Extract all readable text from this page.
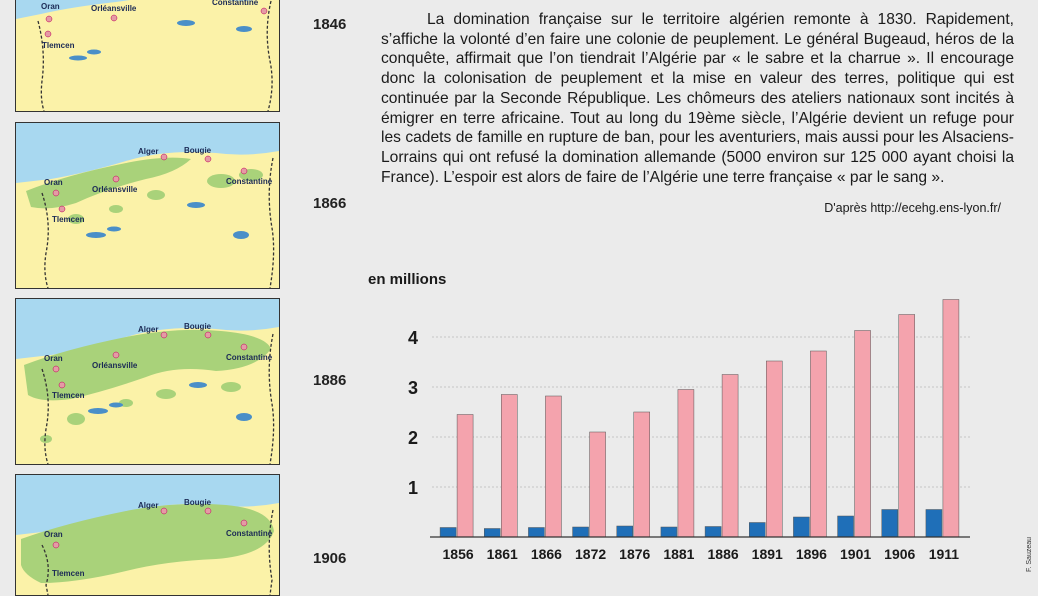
Oran	Orléansville
Tlemcen
Constantine
Alger	Bougie
Oran
Orléansville
Tlemcen
Constantine
Alger	Bougie
Oran
Orléansville
Tlemcen
Constantine
Alger	Bougie
Oran	Constantine
Tlemcen
1846
1866
1886
1906

La domination française sur le territoire algérien remonte à 1830. Rapidement, s’affiche la volonté d’en faire une colonie de peuplement. Le général Bugeaud, héros de la conquête, affirmait que l’on tiendrait l’Algérie par « le sabre et la charrue ». Il encourage donc la colonisation de peuplement et la mise en valeur des terres, politique qui est continuée par la Seconde République. Les chômeurs des ateliers nationaux sont incités à émigrer en terre africaine. Tout au long du 19ème siècle, l’Algérie devient un refuge pour les cadets de famille en rupture de ban, pour les aventuriers, mais aussi pour les Alsaciens-Lorrains qui ont refusé la domination allemande (5000 environ sur 125 000 ayant choisi la France). L’espoir est alors de faire de l’Algérie une terre française « par le sang ».

D'après http://ecehg.ens-lyon.fr/
en millions
1
2
3
4
1856 1861 1866 1872 1876 1881 1886 1891 1896 1901 1906 1911	F. Sauzeau
